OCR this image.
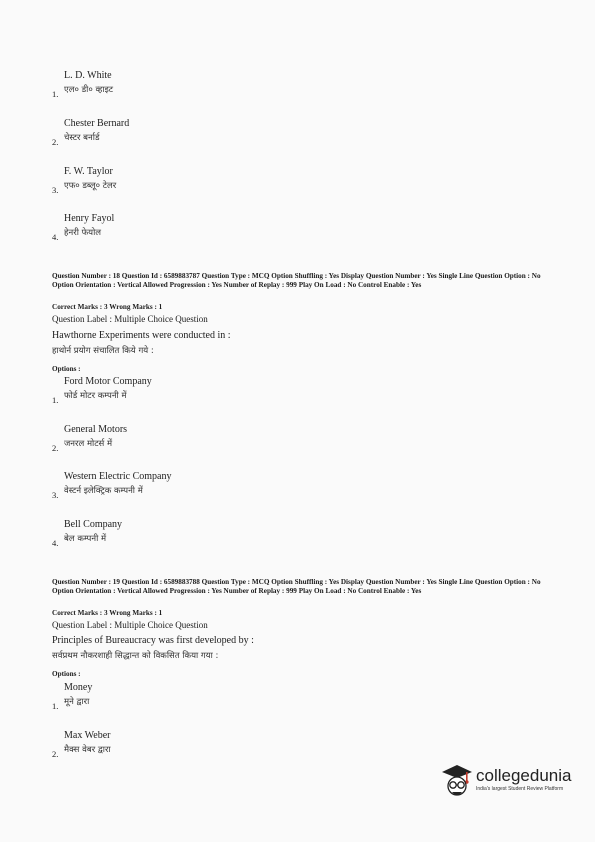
L. D. White
एल० डी० व्हाइट
1.
Chester Bernard
चेस्टर बर्नार्ड
2.
F. W. Taylor
एफ० डब्लू० टेलर
3.
Henry Fayol
हेनरी फेयोल
4.
Question Number : 18 Question Id : 6589883787 Question Type : MCQ Option Shuffling : Yes Display Question Number : Yes Single Line Question Option : No Option Orientation : Vertical Allowed Progression : Yes Number of Replay : 999 Play On Load : No Control Enable : Yes
Correct Marks : 3 Wrong Marks : 1
Question Label : Multiple Choice Question
Hawthorne Experiments were conducted in :
हाथोर्न प्रयोग संचालित किये गये :
Options :
Ford Motor Company
फोर्ड मोटर कम्पनी में
1.
General Motors
जनरल मोटर्स में
2.
Western Electric Company
वेस्टर्न इलेक्ट्रिक कम्पनी में
3.
Bell Company
बेल कम्पनी में
4.
Question Number : 19 Question Id : 6589883788 Question Type : MCQ Option Shuffling : Yes Display Question Number : Yes Single Line Question Option : No Option Orientation : Vertical Allowed Progression : Yes Number of Replay : 999 Play On Load : No Control Enable : Yes
Correct Marks : 3 Wrong Marks : 1
Question Label : Multiple Choice Question
Principles of Bureaucracy was first developed by :
सर्वप्रथम नौकरशाही सिद्धान्त को विकसित किया गया :
Options :
Money
मूने द्वारा
1.
Max Weber
मैक्स वेबर द्वारा
2.
collegedunia
India's largest Student Review Platform
